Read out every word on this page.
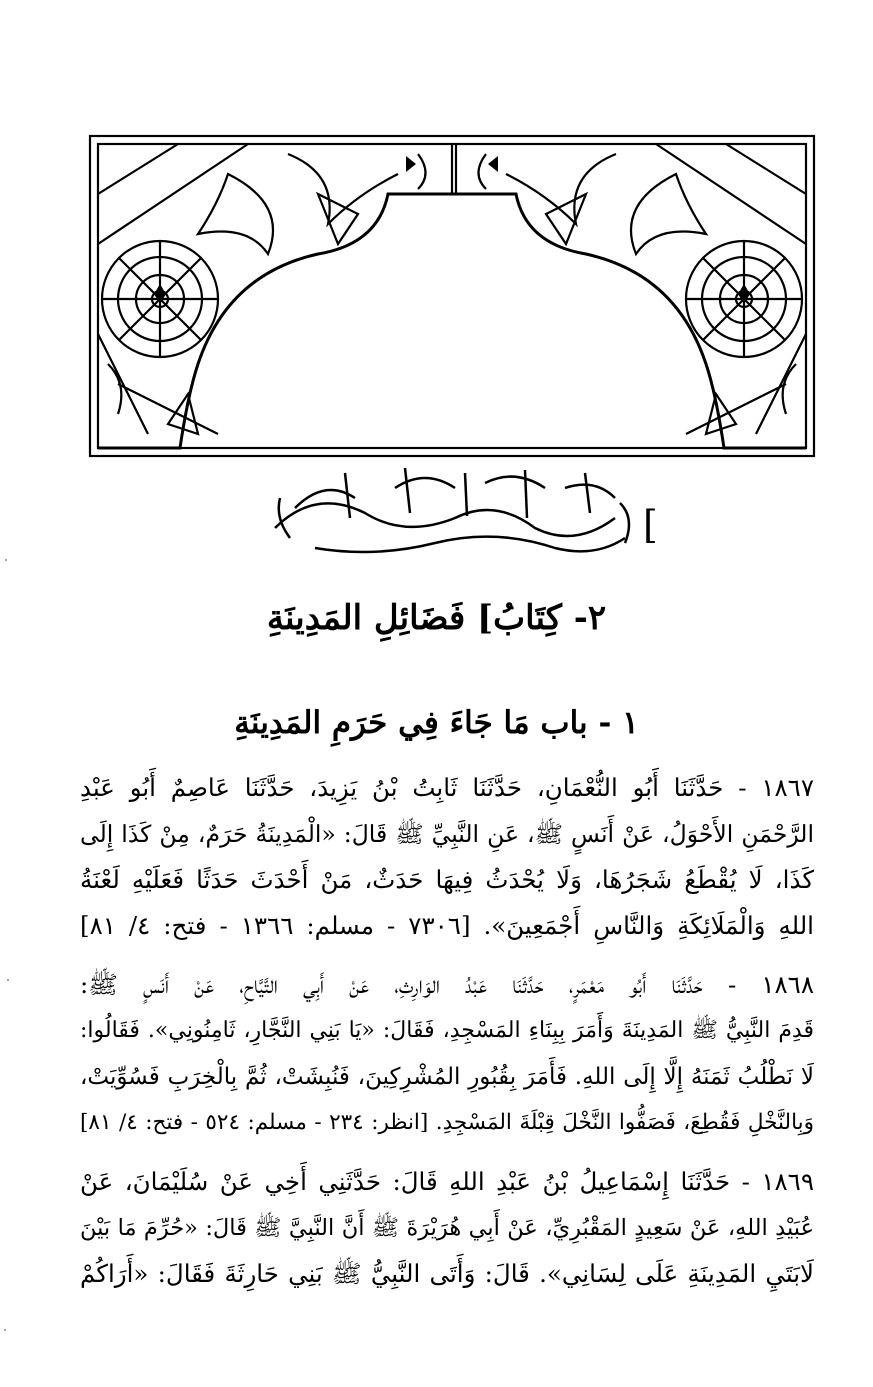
[
٢- كِتَابُ] فَضَائِلِ المَدِينَةِ
١ - باب مَا جَاءَ فِي حَرَمِ المَدِينَةِ
١٨٦٧ - حَدَّثَنَا أَبُو النُّعْمَانِ، حَدَّثَنَا ثَابِتُ بْنُ يَزِيدَ، حَدَّثَنَا عَاصِمٌ أَبُو عَبْدِ
الرَّحْمَنِ الأَحْوَلُ، عَنْ أَنَسٍ ﷺ، عَنِ النَّبِيِّ ﷺ قَالَ: «الْمَدِينَةُ حَرَمٌ، مِنْ كَذَا إِلَى
كَذَا، لَا يُقْطَعُ شَجَرُهَا، وَلَا يُحْدَثُ فِيهَا حَدَثٌ، مَنْ أَحْدَثَ حَدَثًا فَعَلَيْهِ لَعْنَةُ
اللهِ وَالْمَلَائِكَةِ وَالنَّاسِ أَجْمَعِينَ». [٧٣٠٦ - مسلم: ١٣٦٦ - فتح: ٤/ ٨١]
١٨٦٨ - حَدَّثَنَا أَبُو مَعْمَرٍ، حَدَّثَنَا عَبْدُ الوَارِثِ، عَنْ أَبِي التَّيَّاحِ، عَنْ أَنَسٍ ﷺ:
قَدِمَ النَّبِيُّ ﷺ المَدِينَةَ وَأَمَرَ بِبِنَاءِ المَسْجِدِ، فَقَالَ: «يَا بَنِي النَّجَّارِ، ثَامِنُونِي». فَقَالُوا:
لَا نَطْلُبُ ثَمَنَهُ إِلَّا إِلَى اللهِ. فَأَمَرَ بِقُبُورِ المُشْرِكِينَ، فَنُبِشَتْ، ثُمَّ بِالْخِرَبِ فَسُوِّيَتْ،
وَبِالنَّخْلِ فَقُطِعَ، فَصَفُّوا النَّخْلَ قِبْلَةَ المَسْجِدِ. [انظر: ٢٣٤ - مسلم: ٥٢٤ - فتح: ٤/ ٨١]
١٨٦٩ - حَدَّثَنَا إِسْمَاعِيلُ بْنُ عَبْدِ اللهِ قَالَ: حَدَّثَنِي أَخِي عَنْ سُلَيْمَانَ، عَنْ
عُبَيْدِ اللهِ، عَنْ سَعِيدٍ المَقْبُرِيِّ، عَنْ أَبِي هُرَيْرَةَ ﷺ أَنَّ النَّبِيَّ ﷺ قَالَ: «حُرِّمَ مَا بَيْنَ
لَابَتَيِ المَدِينَةِ عَلَى لِسَانِي». قَالَ: وَأَتَى النَّبِيُّ ﷺ بَنِي حَارِثَةَ فَقَالَ: «أَرَاكُمْ
